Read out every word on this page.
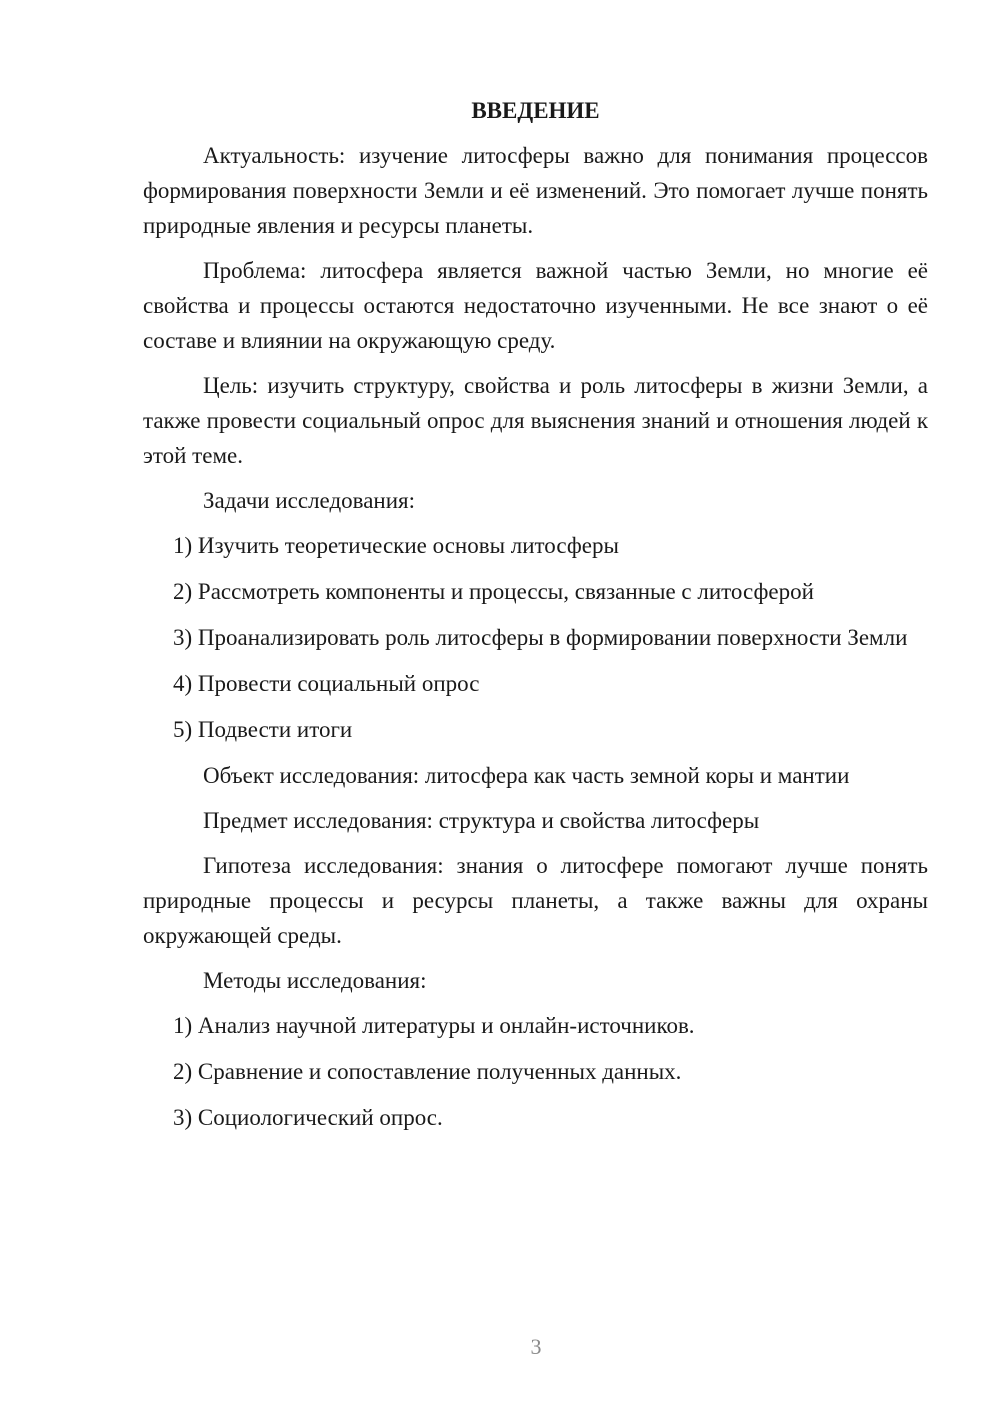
ВВЕДЕНИЕ

Актуальность: изучение литосферы важно для понимания процессов формирования поверхности Земли и её изменений. Это помогает лучше понять природные явления и ресурсы планеты.

Проблема: литосфера является важной частью Земли, но многие её свойства и процессы остаются недостаточно изученными. Не все знают о её составе и влиянии на окружающую среду.

Цель: изучить структуру, свойства и роль литосферы в жизни Земли, а также провести социальный опрос для выяснения знаний и отношения людей к этой теме.

Задачи исследования:

1) Изучить теоретические основы литосферы

2) Рассмотреть компоненты и процессы, связанные с литосферой

3) Проанализировать роль литосферы в формировании поверхности Земли

4) Провести социальный опрос

5) Подвести итоги

Объект исследования: литосфера как часть земной коры и мантии

Предмет исследования: структура и свойства литосферы

Гипотеза исследования: знания о литосфере помогают лучше понять природные процессы и ресурсы планеты, а также важны для охраны окружающей среды.

Методы исследования:

1) Анализ научной литературы и онлайн-источников.

2) Сравнение и сопоставление полученных данных.

3) Социологический опрос.

3
